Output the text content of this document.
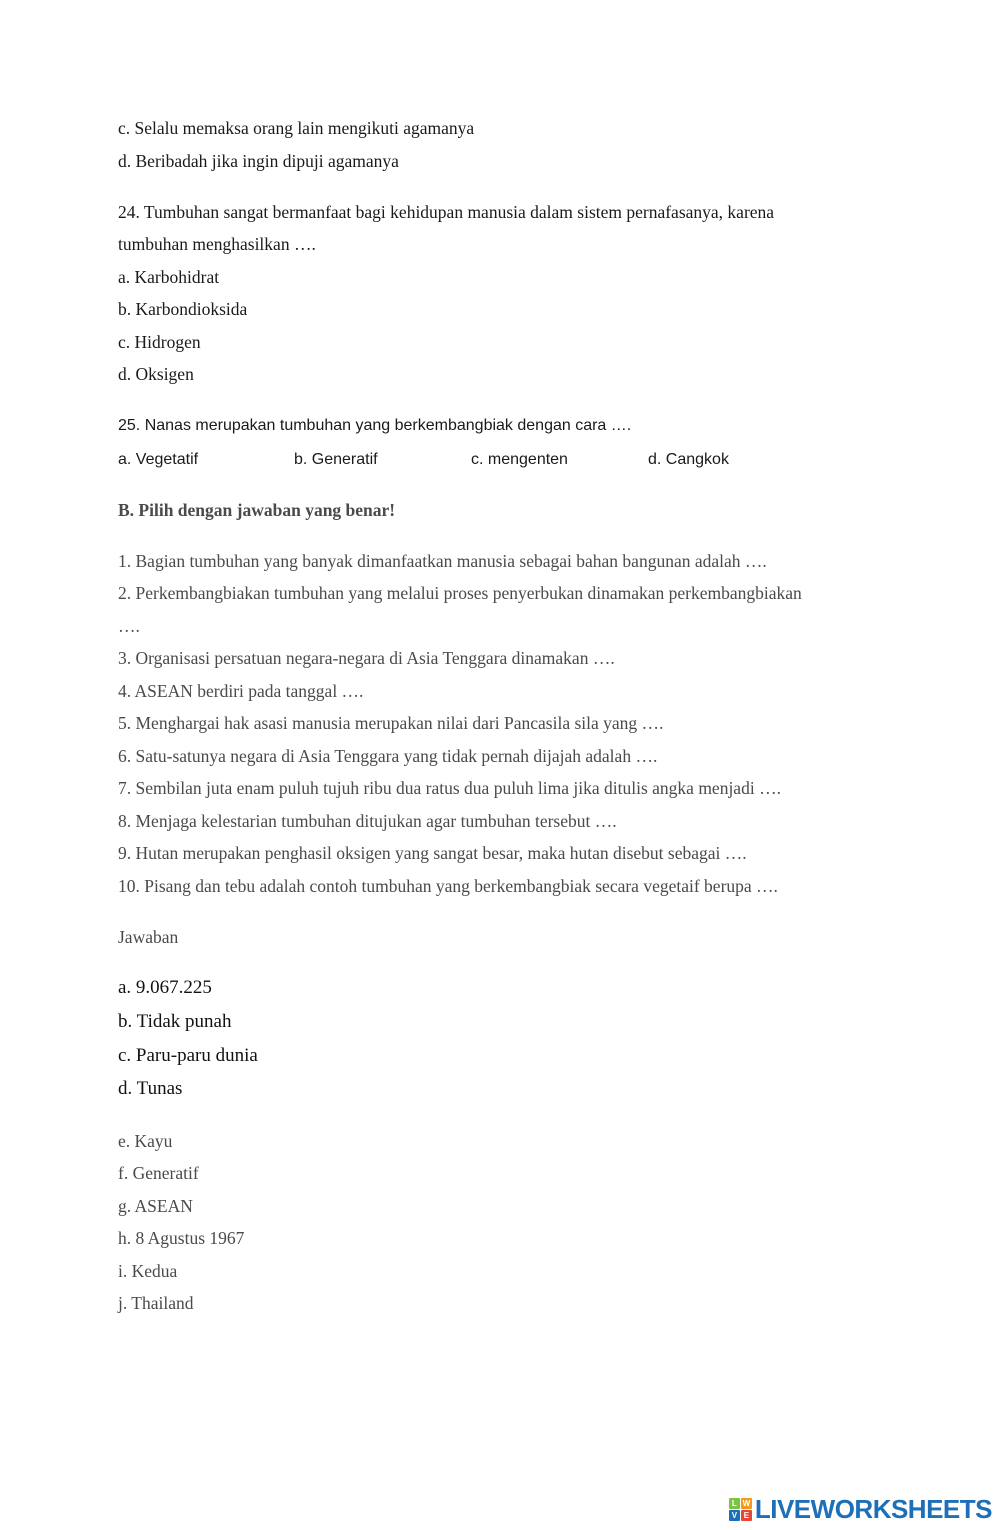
c. Selalu memaksa orang lain mengikuti agamanya
d. Beribadah jika ingin dipuji agamanya
24. Tumbuhan sangat bermanfaat bagi kehidupan manusia dalam sistem pernafasanya, karena
tumbuhan menghasilkan ….
a. Karbohidrat
b. Karbondioksida
c. Hidrogen
d. Oksigen
25. Nanas merupakan tumbuhan yang berkembangbiak dengan cara ….
a. Vegetatif	b. Generatif	c. mengenten	d. Cangkok
B. Pilih dengan jawaban yang benar!
1. Bagian tumbuhan yang banyak dimanfaatkan manusia sebagai bahan bangunan adalah ….
2. Perkembangbiakan tumbuhan yang melalui proses penyerbukan dinamakan perkembangbiakan
….
3. Organisasi persatuan negara-negara di Asia Tenggara dinamakan ….
4. ASEAN berdiri pada tanggal ….
5. Menghargai hak asasi manusia merupakan nilai dari Pancasila sila yang ….
6. Satu-satunya negara di Asia Tenggara yang tidak pernah dijajah adalah ….
7. Sembilan juta enam puluh tujuh ribu dua ratus dua puluh lima jika ditulis angka menjadi ….
8. Menjaga kelestarian tumbuhan ditujukan agar tumbuhan tersebut ….
9. Hutan merupakan penghasil oksigen yang sangat besar, maka hutan disebut sebagai ….
10. Pisang dan tebu adalah contoh tumbuhan yang berkembangbiak secara vegetaif berupa ….
Jawaban
a. 9.067.225
b. Tidak punah
c. Paru-paru dunia
d. Tunas
e. Kayu
f. Generatif
g. ASEAN
h. 8 Agustus 1967
i. Kedua
j. Thailand
L W
V E LIVEWORKSHEETS
